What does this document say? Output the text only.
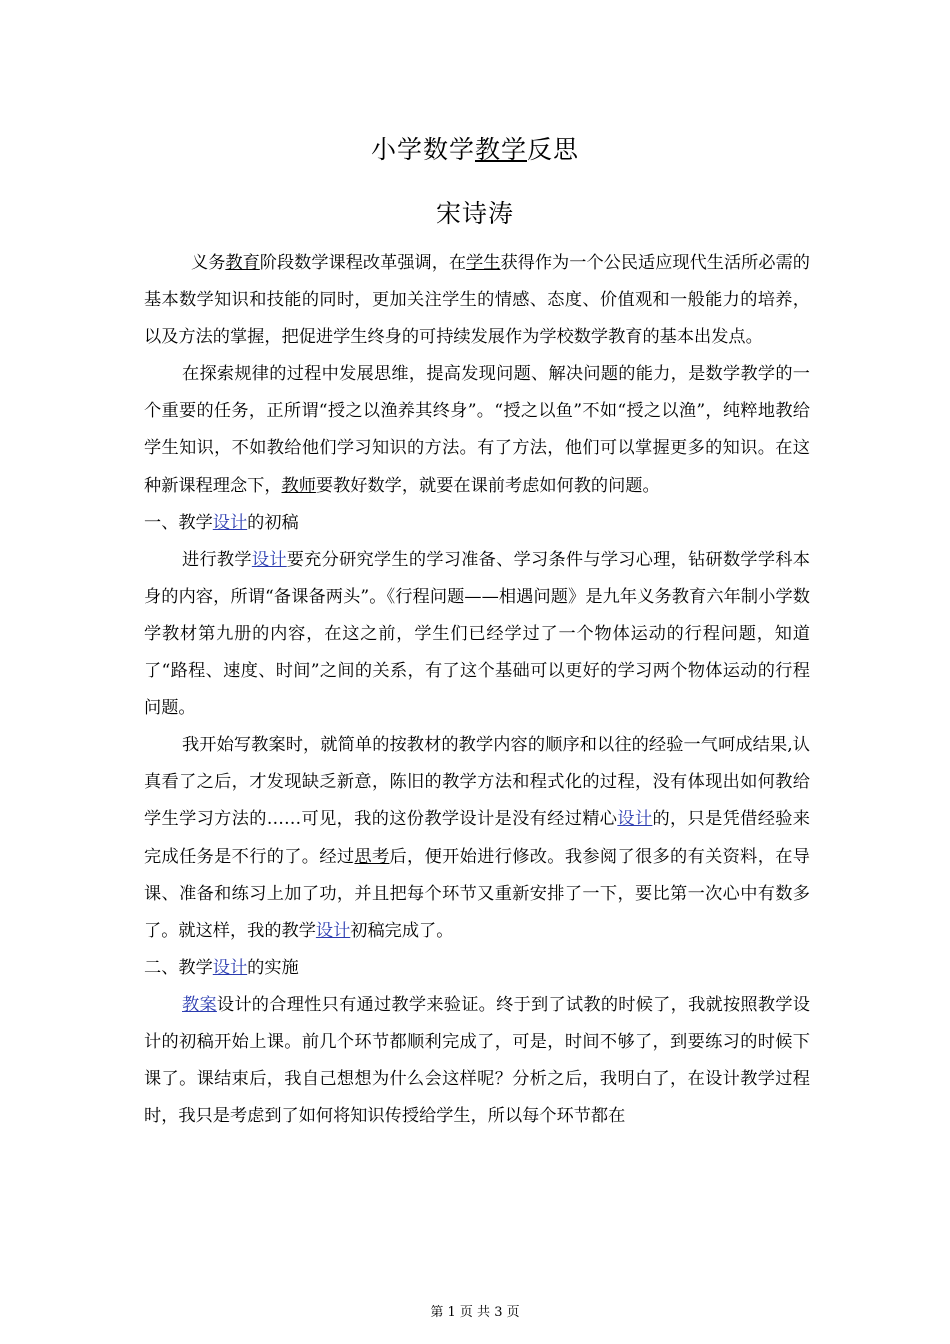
小学数学教学反思
宋诗涛

义务教育阶段数学课程改革强调，在学生获得作为一个公民适应现代生活所必需的基本数学知识和技能的同时，更加关注学生的情感、态度、价值观和一般能力的培养，以及方法的掌握，把促进学生终身的可持续发展作为学校数学教育的基本出发点。

在探索规律的过程中发展思维，提高发现问题、解决问题的能力，是数学教学的一个重要的任务，正所谓“授之以渔养其终身”。“授之以鱼”不如“授之以渔”，纯粹地教给学生知识，不如教给他们学习知识的方法。有了方法，他们可以掌握更多的知识。在这种新课程理念下，教师要教好数学，就要在课前考虑如何教的问题。

一、教学设计的初稿

进行教学设计要充分研究学生的学习准备、学习条件与学习心理，钻研数学学科本身的内容，所谓“备课备两头”。《行程问题——相遇问题》是九年义务教育六年制小学数学教材第九册的内容，在这之前，学生们已经学过了一个物体运动的行程问题，知道了“路程、速度、时间”之间的关系，有了这个基础可以更好的学习两个物体运动的行程问题。

我开始写教案时，就简单的按教材的教学内容的顺序和以往的经验一气呵成结果,认真看了之后，才发现缺乏新意，陈旧的教学方法和程式化的过程，没有体现出如何教给学生学习方法的……可见，我的这份教学设计是没有经过精心设计的，只是凭借经验来完成任务是不行的了。经过思考后，便开始进行修改。我参阅了很多的有关资料，在导课、准备和练习上加了功，并且把每个环节又重新安排了一下，要比第一次心中有数多了。就这样，我的教学设计初稿完成了。

二、教学设计的实施

教案设计的合理性只有通过教学来验证。终于到了试教的时候了，我就按照教学设计的初稿开始上课。前几个环节都顺利完成了，可是，时间不够了，到要练习的时候下课了。课结束后，我自己想想为什么会这样呢？分析之后，我明白了，在设计教学过程时，我只是考虑到了如何将知识传授给学生，所以每个环节都在

第 1 页 共 3 页
